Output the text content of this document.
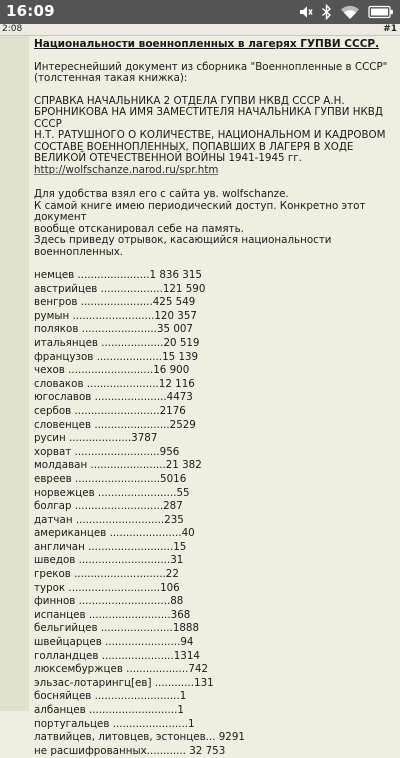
16:09
2:08	#1

Национальности военнопленных в лагерях ГУПВИ СССР.

Интереснейший документ из сборника "Военнопленные в СССР"

(толстенная такая книжка):

СПРАВКА НАЧАЛЬНИКА 2 ОТДЕЛА ГУПВИ НКВД СССР А.Н.

БРОННИКОВА НА ИМЯ ЗАМЕСТИТЕЛЯ НАЧАЛЬНИКА ГУПВИ НКВД СССР

Н.Т. РАТУШНОГО О КОЛИЧЕСТВЕ, НАЦИОНАЛЬНОМ И КАДРОВОМ

СОСТАВЕ ВОЕННОПЛЕННЫХ, ПОПАВШИХ В ЛАГЕРЯ В ХОДЕ

ВЕЛИКОЙ ОТЕЧЕСТВЕННОЙ ВОЙНЫ 1941-1945 гг.

http://wolfschanze.narod.ru/spr.htm

Для удобства взял его с сайта ув. wolfschanze.

К самой книге имею периодический доступ. Конкретно этот документ

вообще отсканировал себе на память.

Здесь приведу отрывок, касающийся национальности военнопленных.

немцев ......................1 836 315
австрийцев ...................121 590
венгров ......................425 549
румын .........................120 357
поляков .......................35 007
итальянцев ...................20 519
французов ....................15 139
чехов ..........................16 900
словаков ......................12 116
югославов ......................4473
сербов ..........................2176
словенцев .......................2529
русин ...................3787
хорват ..........................956
молдаван .......................21 382
евреев ..........................5016
норвежцев ........................55
болгар ...........................287
датчан ...........................235
американцев ......................40
англичан ..........................15
шведов ............................31
греков ............................22
турок ............................106
финнов ............................88
испанцев .........................368
бельгийцев ......................1888
швейцарцев .......................94
голландцев ......................1314
люксембуржцев ...................742
эльзас-лотарингц[ев] ............131
босняйцев ..........................1
албанцев ...........................1
португальцев .......................1
латвийцев, литовцев, эстонцев... 9291
не расшифрованных............ 32 753
